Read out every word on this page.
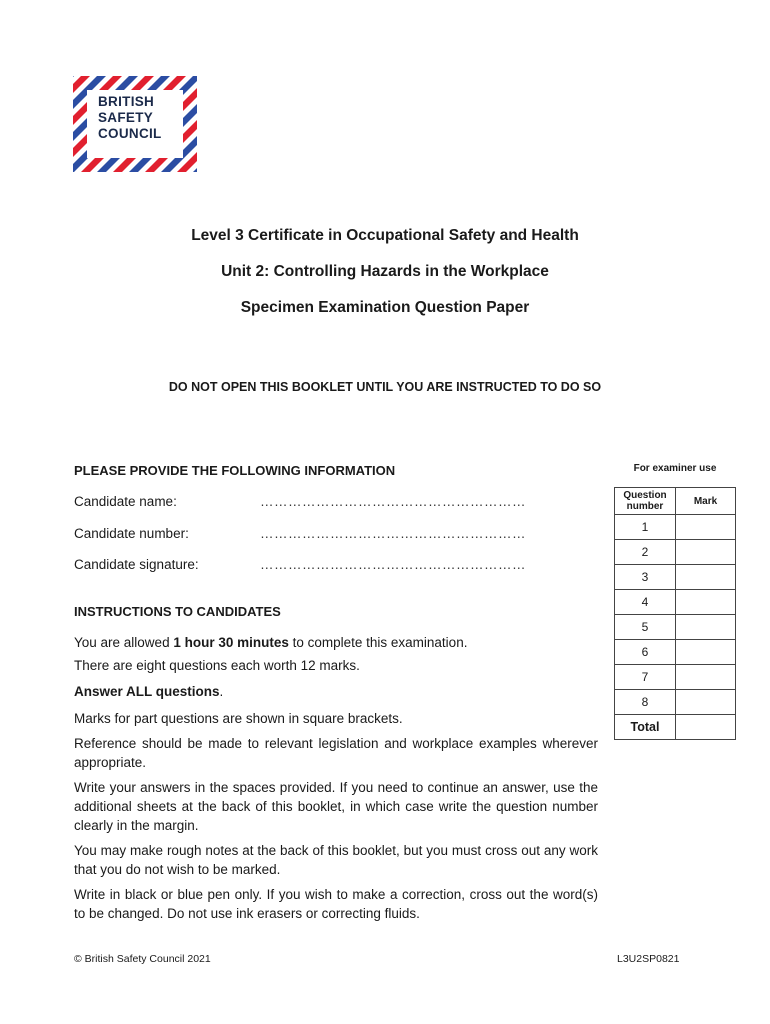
BRITISH
SAFETY
COUNCIL
Level 3 Certificate in Occupational Safety and Health
Unit 2: Controlling Hazards in the Workplace
Specimen Examination Question Paper
DO NOT OPEN THIS BOOKLET UNTIL YOU ARE INSTRUCTED TO DO SO
PLEASE PROVIDE THE FOLLOWING INFORMATION
Candidate name:	…………………………………………………
Candidate number:	…………………………………………………
Candidate signature:	…………………………………………………
INSTRUCTIONS TO CANDIDATES
You are allowed 1 hour 30 minutes to complete this examination.
There are eight questions each worth 12 marks.
Answer ALL questions.
Marks for part questions are shown in square brackets.
Reference should be made to relevant legislation and workplace examples wherever appropriate.
Write your answers in the spaces provided. If you need to continue an answer, use the additional sheets at the back of this booklet, in which case write the question number clearly in the margin.
You may make rough notes at the back of this booklet, but you must cross out any work that you do not wish to be marked.
Write in black or blue pen only. If you wish to make a correction, cross out the word(s) to be changed. Do not use ink erasers or correcting fluids.
For examiner use
Question number	Mark
1	
2	
3	
4	
5	
6	
7	
8	
Total	
© British Safety Council 2021	L3U2SP0821
